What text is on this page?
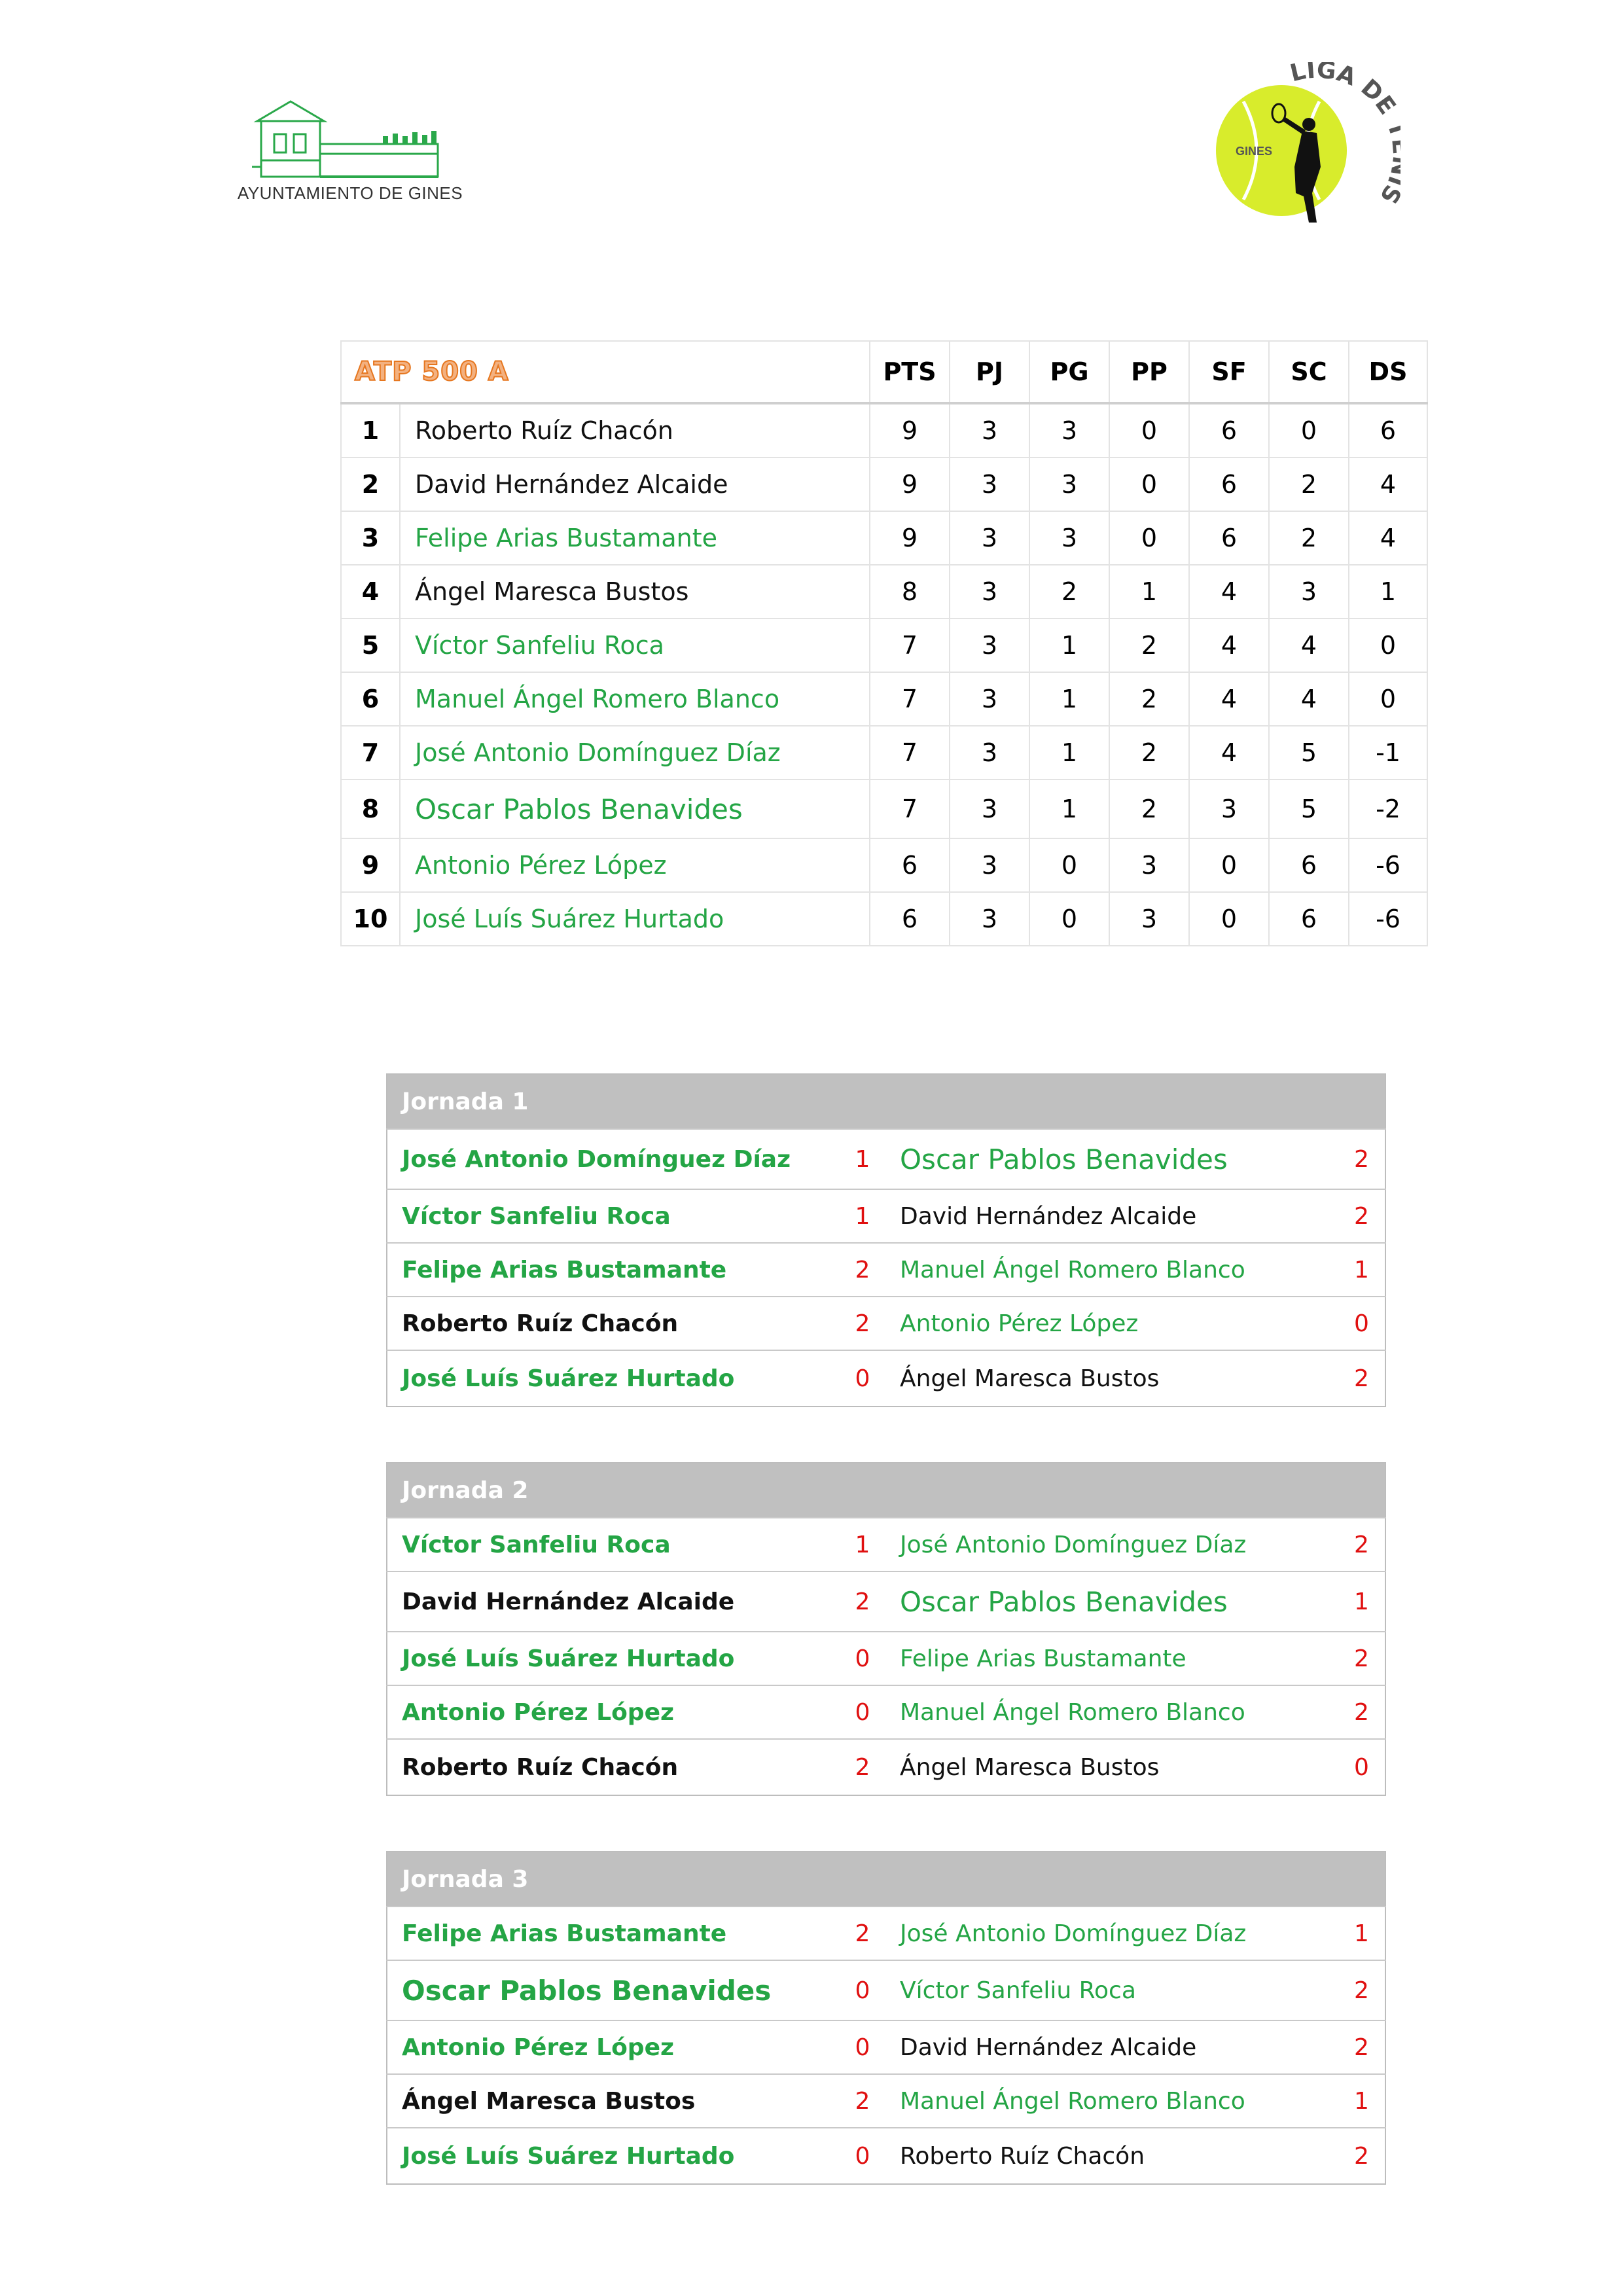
AYUNTAMIENTO DE GINES
GINES
LIGA DE
ATP 500 A		PTS	PJ	PG	PP	SF	SC	DS
1	Roberto Ruíz Chacón	9	3	3	0	6	0	6
2	David Hernández Alcaide	9	3	3	0	6	2	4
3	Felipe Arias Bustamante	9	3	3	0	6	2	4
4	Ángel Maresca Bustos	8	3	2	1	4	3	1
5	Víctor Sanfeliu Roca	7	3	1	2	4	4	0
6	Manuel Ángel Romero Blanco	7	3	1	2	4	4	0
7	José Antonio Domínguez Díaz	7	3	1	2	4	5	-1
8	Oscar Pablos Benavides	7	3	1	2	3	5	-2
9	Antonio Pérez López	6	3	0	3	0	6	-6
10	José Luís Suárez Hurtado	6	3	0	3	0	6	-6
Jornada 1			
José Antonio Domínguez Díaz	1	Oscar Pablos Benavides	2
Víctor Sanfeliu Roca	1	David Hernández Alcaide	2
Felipe Arias Bustamante	2	Manuel Ángel Romero Blanco	1
Roberto Ruíz Chacón	2	Antonio Pérez López	0
José Luís Suárez Hurtado	0	Ángel Maresca Bustos	2
Jornada 2			
Víctor Sanfeliu Roca	1	José Antonio Domínguez Díaz	2
David Hernández Alcaide	2	Oscar Pablos Benavides	1
José Luís Suárez Hurtado	0	Felipe Arias Bustamante	2
Antonio Pérez López	0	Manuel Ángel Romero Blanco	2
Roberto Ruíz Chacón	2	Ángel Maresca Bustos	0
Jornada 3			
Felipe Arias Bustamante	2	José Antonio Domínguez Díaz	1
Oscar Pablos Benavides	0	Víctor Sanfeliu Roca	2
Antonio Pérez López	0	David Hernández Alcaide	2
Ángel Maresca Bustos	2	Manuel Ángel Romero Blanco	1
José Luís Suárez Hurtado	0	Roberto Ruíz Chacón	2
